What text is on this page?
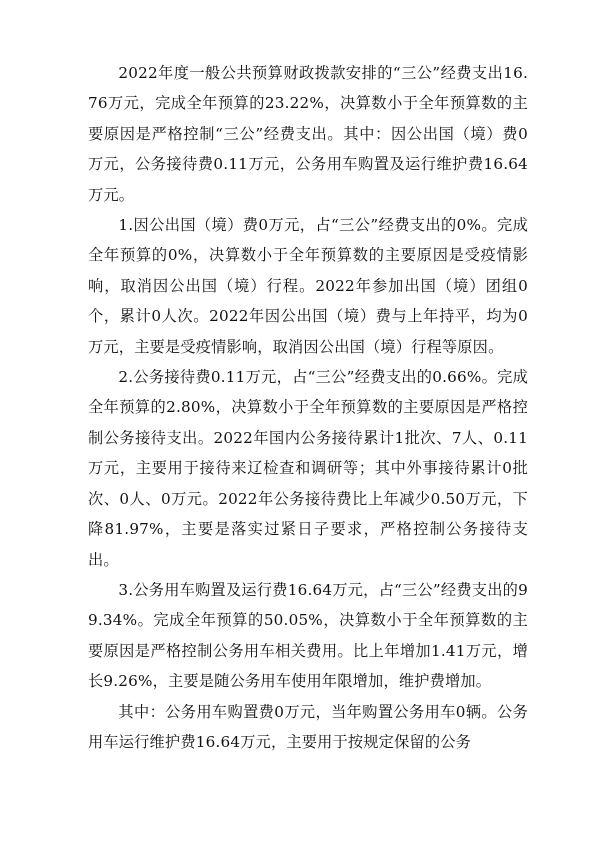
2022年度一般公共预算财政拨款安排的“三公”经费支出16.76万元，完成全年预算的23.22%，决算数小于全年预算数的主要原因是严格控制“三公”经费支出。其中：因公出国（境）费0万元，公务接待费0.11万元，公务用车购置及运行维护费16.64万元。

1.因公出国（境）费0万元，占“三公”经费支出的0%。完成全年预算的0%，决算数小于全年预算数的主要原因是受疫情影响，取消因公出国（境）行程。2022年参加出国（境）团组0个，累计0人次。2022年因公出国（境）费与上年持平，均为0万元，主要是受疫情影响，取消因公出国（境）行程等原因。

2.公务接待费0.11万元，占“三公”经费支出的0.66%。完成全年预算的2.80%，决算数小于全年预算数的主要原因是严格控制公务接待支出。2022年国内公务接待累计1批次、7人、0.11万元，主要用于接待来辽检查和调研等；其中外事接待累计0批次、0人、0万元。2022年公务接待费比上年减少0.50万元，下降81.97%，主要是落实过紧日子要求，严格控制公务接待支出。

3.公务用车购置及运行费16.64万元，占“三公”经费支出的99.34%。完成全年预算的50.05%，决算数小于全年预算数的主要原因是严格控制公务用车相关费用。比上年增加1.41万元，增长9.26%，主要是随公务用车使用年限增加，维护费增加。

其中：公务用车购置费0万元，当年购置公务用车0辆。公务用车运行维护费16.64万元，主要用于按规定保留的公务
